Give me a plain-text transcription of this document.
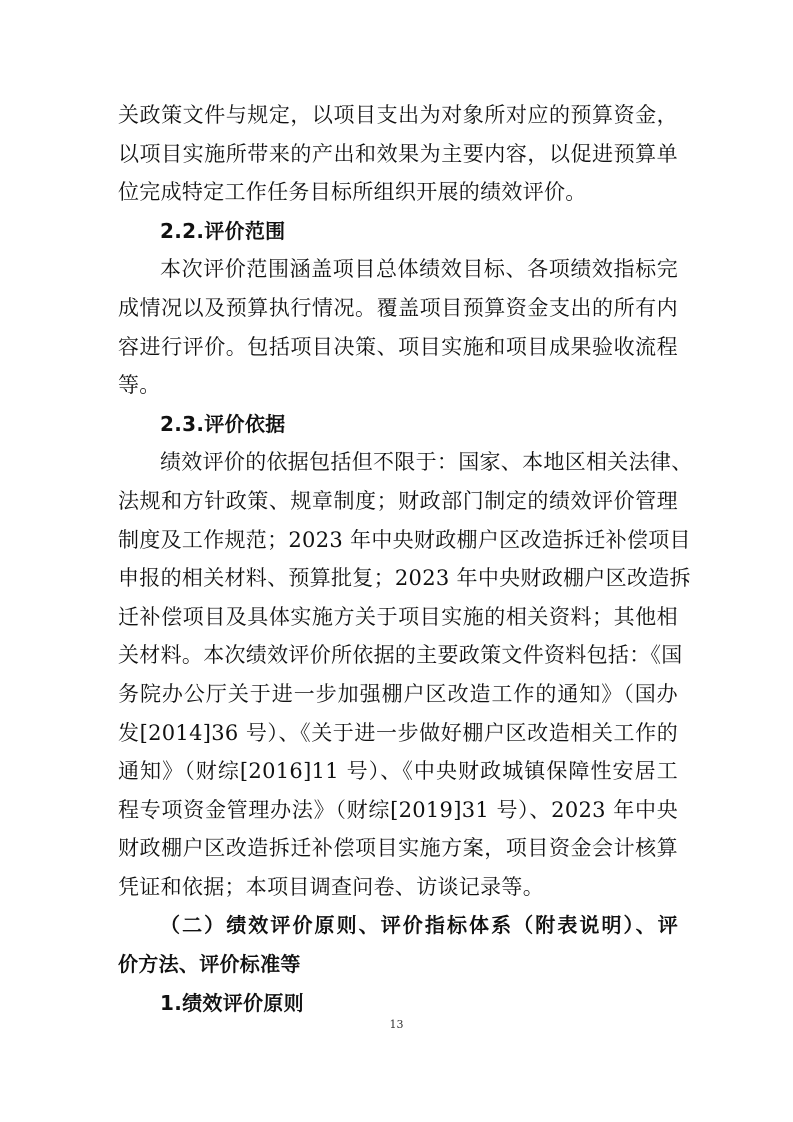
关政策文件与规定，以项目支出为对象所对应的预算资金，
以项目实施所带来的产出和效果为主要内容，以促进预算单
位完成特定工作任务目标所组织开展的绩效评价。
2.2.评价范围
本次评价范围涵盖项目总体绩效目标、各项绩效指标完
成情况以及预算执行情况。覆盖项目预算资金支出的所有内
容进行评价。包括项目决策、项目实施和项目成果验收流程
等。
2.3.评价依据
绩效评价的依据包括但不限于：国家、本地区相关法律、
法规和方针政策、规章制度；财政部门制定的绩效评价管理
制度及工作规范；2023 年中央财政棚户区改造拆迁补偿项目
申报的相关材料、预算批复；2023 年中央财政棚户区改造拆
迁补偿项目及具体实施方关于项目实施的相关资料；其他相
关材料。本次绩效评价所依据的主要政策文件资料包括：《国
务院办公厅关于进一步加强棚户区改造工作的通知》（国办
发[2014]36 号）、《关于进一步做好棚户区改造相关工作的
通知》（财综[2016]11 号）、《中央财政城镇保障性安居工
程专项资金管理办法》（财综[2019]31 号）、2023 年中央
财政棚户区改造拆迁补偿项目实施方案，项目资金会计核算
凭证和依据；本项目调查问卷、访谈记录等。
（二）绩效评价原则、评价指标体系（附表说明）、评
价方法、评价标准等
1.绩效评价原则
13
